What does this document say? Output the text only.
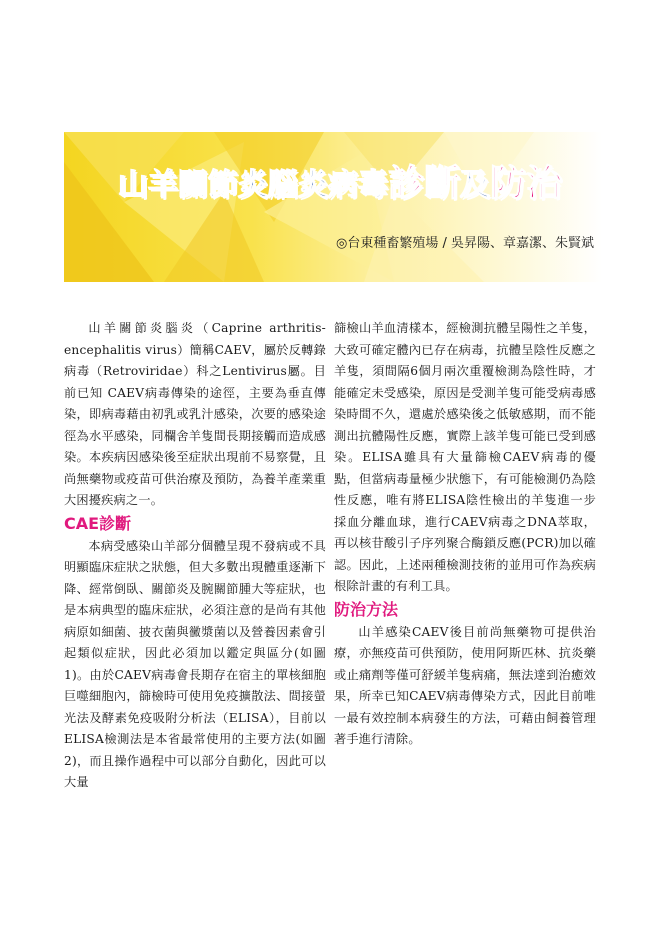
山羊關節炎腦炎病毒診斷及防治
◎台東種畜繁殖場 / 吳昇陽、章嘉潔、朱賢斌

山羊關節炎腦炎（Caprine arthritis-encephalitis virus）簡稱CAEV，屬於反轉錄病毒（Retroviridae）科之Lentivirus屬。目前已知 CAEV病毒傳染的途徑，主要為垂直傳染，即病毒藉由初乳或乳汁感染，次要的感染途徑為水平感染，同欄舍羊隻間長期接觸而造成感染。本疾病因感染後至症狀出現前不易察覺，且尚無藥物或疫苗可供治療及預防，為養羊產業重大困擾疾病之一。

CAE診斷

本病受感染山羊部分個體呈現不發病或不具明顯臨床症狀之狀態，但大多數出現體重逐漸下降、經常倒臥、關節炎及腕關節腫大等症狀，也是本病典型的臨床症狀，必須注意的是尚有其他病原如細菌、披衣菌與黴漿菌以及營養因素會引起類似症狀，因此必須加以鑑定與區分(如圖1)。由於CAEV病毒會長期存在宿主的單核細胞巨噬細胞內，篩檢時可使用免疫擴散法、間接螢光法及酵素免疫吸附分析法（ELISA），目前以ELISA檢測法是本省最常使用的主要方法(如圖2)，而且操作過程中可以部分自動化，因此可以大量

篩檢山羊血清樣本，經檢測抗體呈陽性之羊隻，大致可確定體內已存在病毒，抗體呈陰性反應之羊隻，須間隔6個月兩次重覆檢測為陰性時，才能確定未受感染，原因是受測羊隻可能受病毒感染時間不久，還處於感染後之低敏感期，而不能測出抗體陽性反應，實際上該羊隻可能已受到感染。ELISA雖具有大量篩檢CAEV病毒的優點，但當病毒量極少狀態下，有可能檢測仍為陰性反應，唯有將ELISA陰性檢出的羊隻進一步採血分離血球，進行CAEV病毒之DNA萃取，再以核苷酸引子序列聚合酶鎖反應(PCR)加以確認。因此，上述兩種檢測技術的並用可作為疾病根除計畫的有利工具。

防治方法

山羊感染CAEV後目前尚無藥物可提供治療，亦無疫苗可供預防，使用阿斯匹林、抗炎藥或止痛劑等僅可舒緩羊隻病痛，無法達到治癒效果，所幸已知CAEV病毒傳染方式，因此目前唯一最有效控制本病發生的方法，可藉由飼養管理著手進行清除。
